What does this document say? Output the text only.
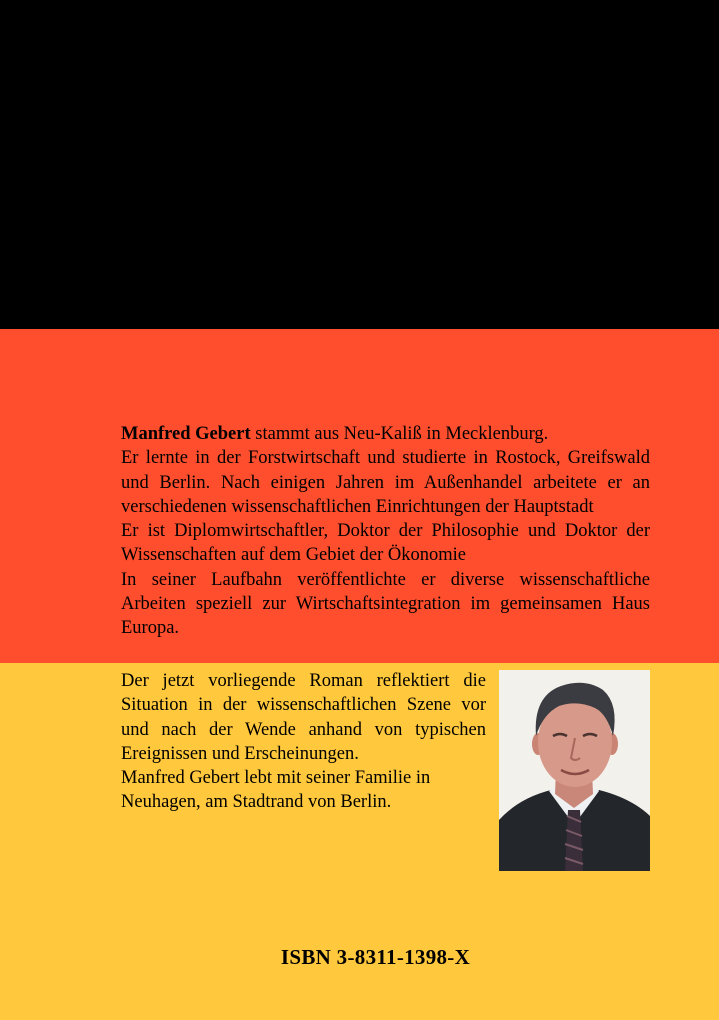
Manfred Gebert stammt aus Neu-Kaliß in Mecklenburg.

Er lernte in der Forstwirtschaft und studierte in Rostock, Greifswald und Berlin. Nach einigen Jahren im Außenhandel arbeitete er an verschiedenen wissenschaftlichen Einrichtungen der Hauptstadt

Er ist Diplomwirtschaftler, Doktor der Philosophie und Doktor der Wissenschaften auf dem Gebiet der Ökonomie

In seiner Laufbahn veröffentlichte er diverse wissenschaftliche Arbeiten speziell zur Wirtschaftsintegration im gemeinsamen Haus Europa.

Der jetzt vorliegende Roman reflektiert die Situation in der wissenschaftlichen Szene vor und nach der Wende anhand von typischen Ereignissen und Erscheinungen.

Manfred Gebert lebt mit seiner Familie in Neuhagen, am Stadtrand von Berlin.

ISBN 3-8311-1398-X
